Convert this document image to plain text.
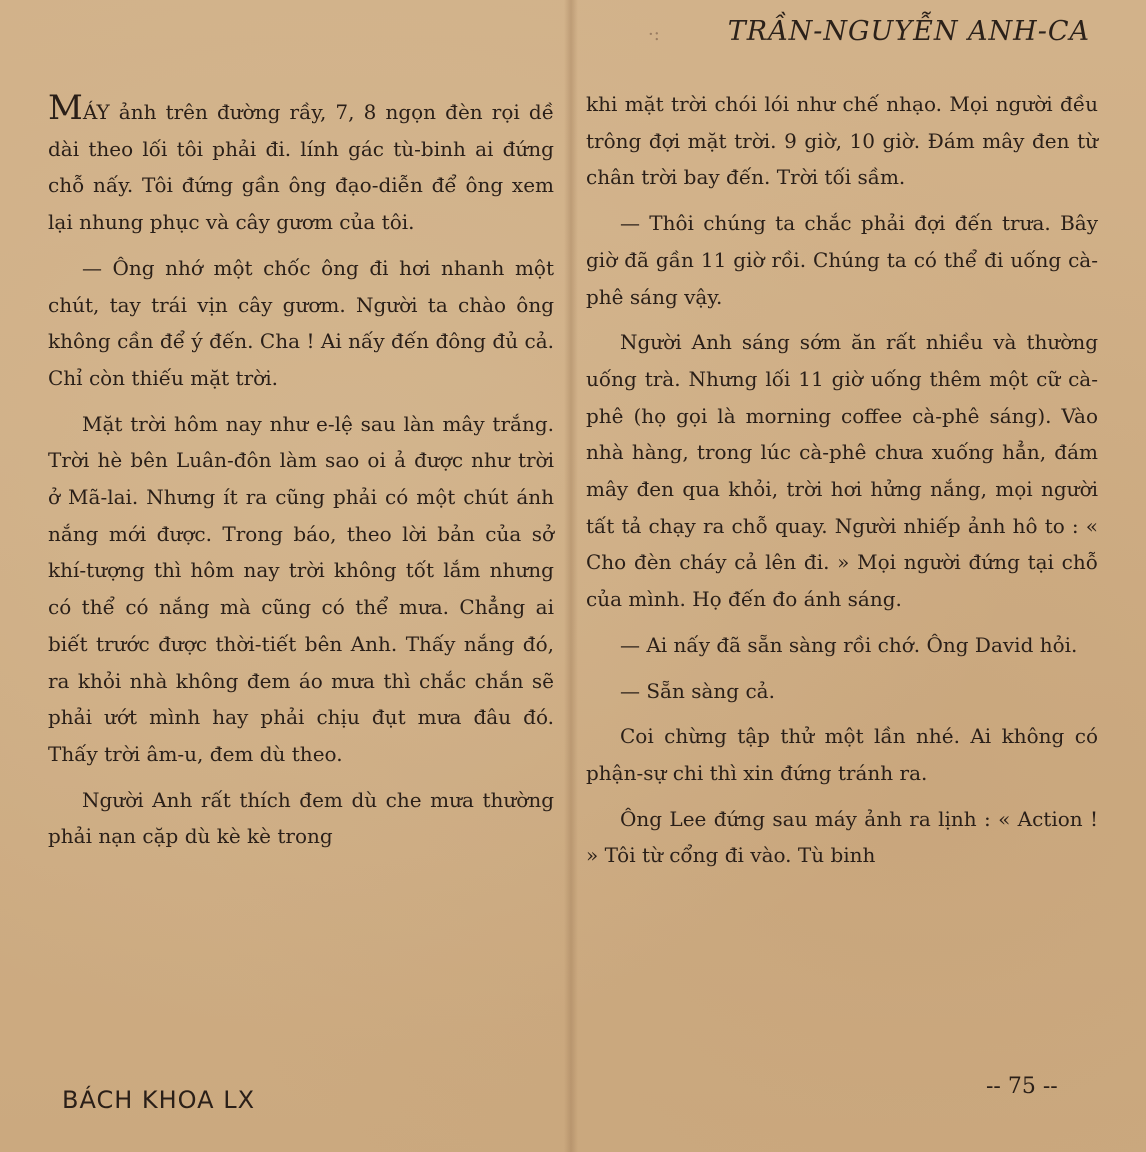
·:	TRẦN-NGUYỄN ANH-CA

MÁY ảnh trên đường rầy, 7, 8 ngọn đèn rọi dề dài theo lối tôi phải đi. lính gác tù-binh ai đứng chỗ nấy. Tôi đứng gần ông đạo-diễn để ông xem lại nhung phục và cây gươm của tôi.

— Ông nhớ một chốc ông đi hơi nhanh một chút, tay trái vịn cây gươm. Người ta chào ông không cần để ý đến. Cha ! Ai nấy đến đông đủ cả. Chỉ còn thiếu mặt trời.

Mặt trời hôm nay như e-lệ sau làn mây trắng. Trời hè bên Luân-đôn làm sao oi ả được như trời ở Mã-lai. Nhưng ít ra cũng phải có một chút ánh nắng mới được. Trong báo, theo lời bản của sở khí-tượng thì hôm nay trời không tốt lắm nhưng có thể có nắng mà cũng có thể mưa. Chẳng ai biết trước được thời-tiết bên Anh. Thấy nắng đó, ra khỏi nhà không đem áo mưa thì chắc chắn sẽ phải ướt mình hay phải chịu đụt mưa đâu đó. Thấy trời âm-u, đem dù theo.

Người Anh rất thích đem dù che mưa thường phải nạn cặp dù kè kè trong

khi mặt trời chói lói như chế nhạo. Mọi người đều trông đợi mặt trời. 9 giờ, 10 giờ. Đám mây đen từ chân trời bay đến. Trời tối sầm.

— Thôi chúng ta chắc phải đợi đến trưa. Bây giờ đã gần 11 giờ rồi. Chúng ta có thể đi uống cà-phê sáng vậy.

Người Anh sáng sớm ăn rất nhiều và thường uống trà. Nhưng lối 11 giờ uống thêm một cữ cà-phê (họ gọi là morning coffee cà-phê sáng). Vào nhà hàng, trong lúc cà-phê chưa xuống hẳn, đám mây đen qua khỏi, trời hơi hửng nắng, mọi người tất tả chạy ra chỗ quay. Người nhiếp ảnh hô to : « Cho đèn cháy cả lên đi. » Mọi người đứng tại chỗ của mình. Họ đến đo ánh sáng.

— Ai nấy đã sẵn sàng rồi chớ. Ông David hỏi.

— Sẵn sàng cả.

Coi chừng tập thử một lần nhé. Ai không có phận-sự chi thì xin đứng tránh ra.

Ông Lee đứng sau máy ảnh ra lịnh : « Action ! » Tôi từ cổng đi vào. Tù binh

BÁCH KHOA LX	-- 75 --
